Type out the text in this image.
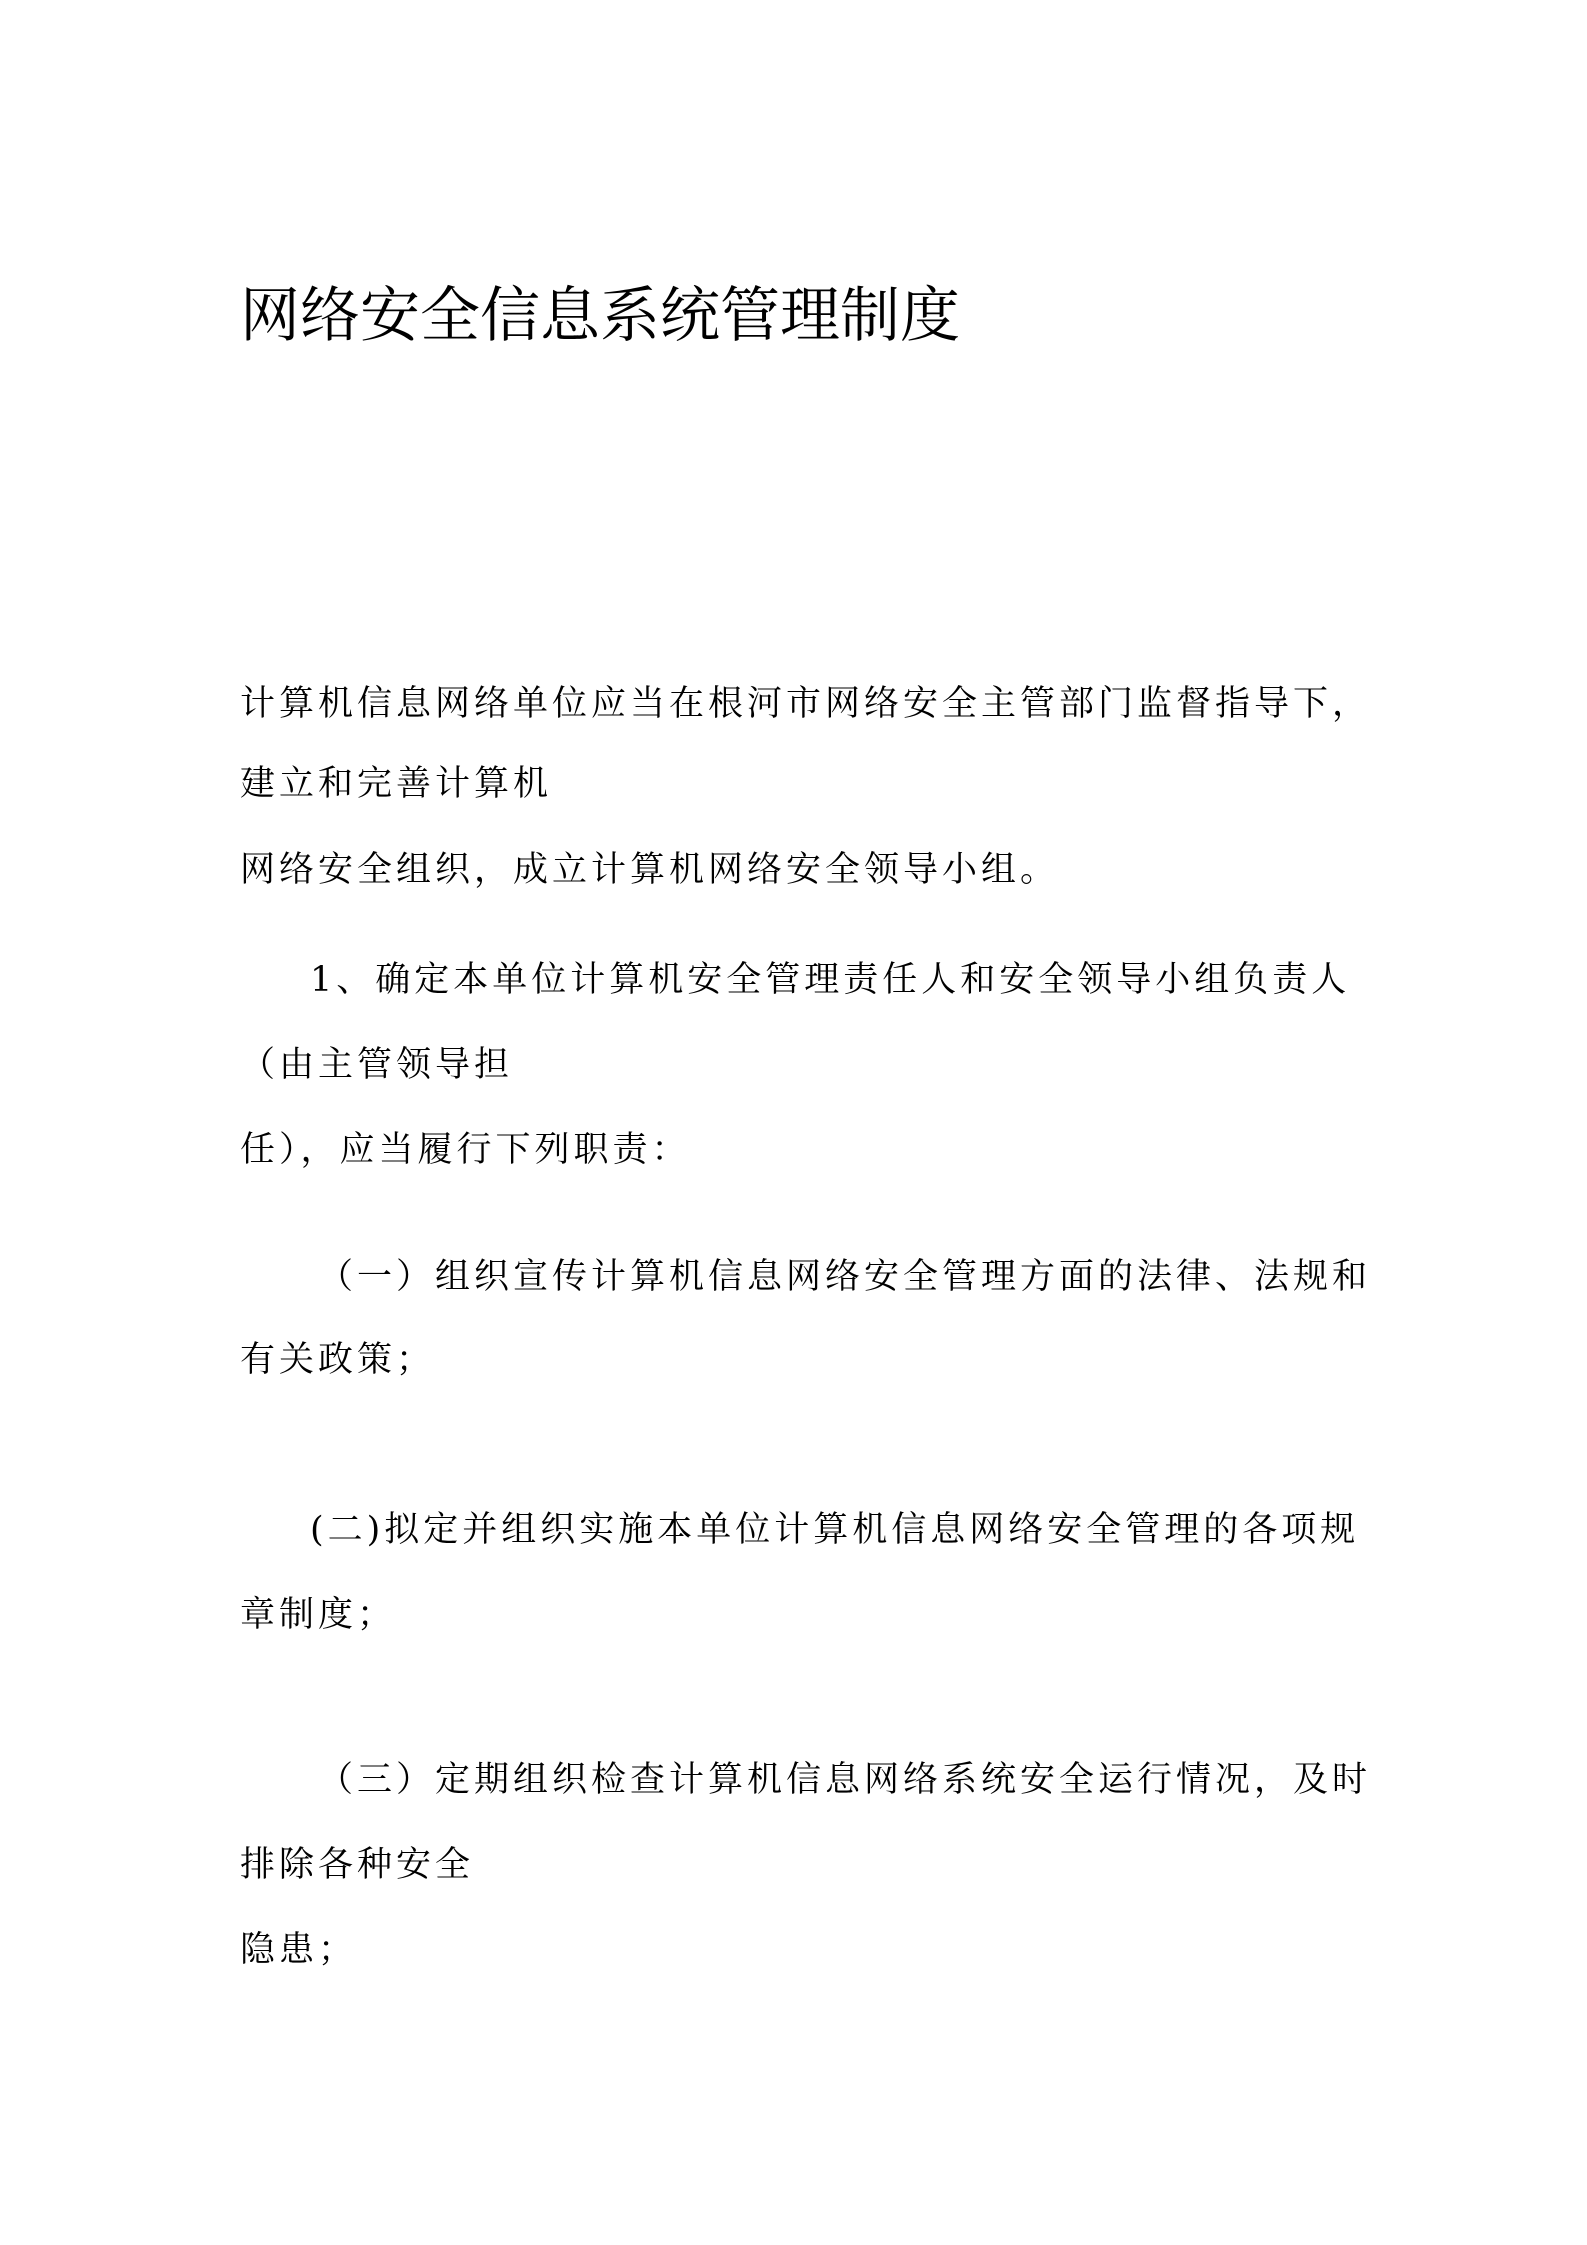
网络安全信息系统管理制度
计算机信息网络单位应当在根河市网络安全主管部门监督指导下，
建立和完善计算机
网络安全组织，成立计算机网络安全领导小组。
1、确定本单位计算机安全管理责任人和安全领导小组负责人
（由主管领导担
任），应当履行下列职责：
（一）组织宣传计算机信息网络安全管理方面的法律、法规和
有关政策；
(二)拟定并组织实施本单位计算机信息网络安全管理的各项规
章制度；
（三）定期组织检查计算机信息网络系统安全运行情况，及时
排除各种安全
隐患；
